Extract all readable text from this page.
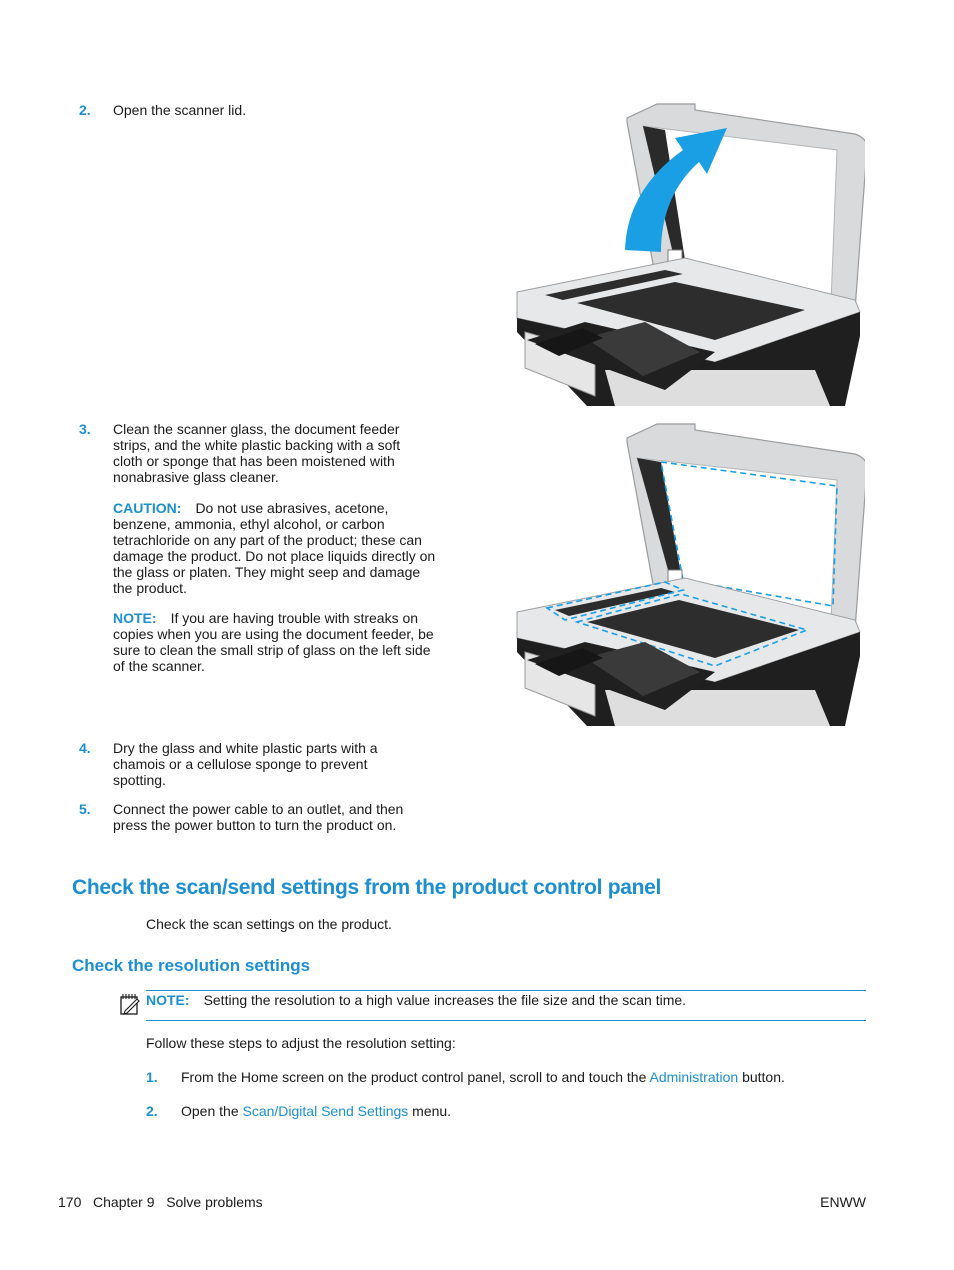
2. Open the scanner lid.
3. Clean the scanner glass, the document feeder strips, and the white plastic backing with a soft cloth or sponge that has been moistened with nonabrasive glass cleaner.
CAUTION: Do not use abrasives, acetone, benzene, ammonia, ethyl alcohol, or carbon tetrachloride on any part of the product; these can damage the product. Do not place liquids directly on the glass or platen. They might seep and damage the product.
NOTE: If you are having trouble with streaks on copies when you are using the document feeder, be sure to clean the small strip of glass on the left side of the scanner.
4. Dry the glass and white plastic parts with a chamois or a cellulose sponge to prevent spotting.
5. Connect the power cable to an outlet, and then press the power button to turn the product on.
Check the scan/send settings from the product control panel
Check the scan settings on the product.
Check the resolution settings
NOTE: Setting the resolution to a high value increases the file size and the scan time.
Follow these steps to adjust the resolution setting:
1. From the Home screen on the product control panel, scroll to and touch the Administration button.
2. Open the Scan/Digital Send Settings menu.
170 Chapter 9 Solve problems	ENWW
